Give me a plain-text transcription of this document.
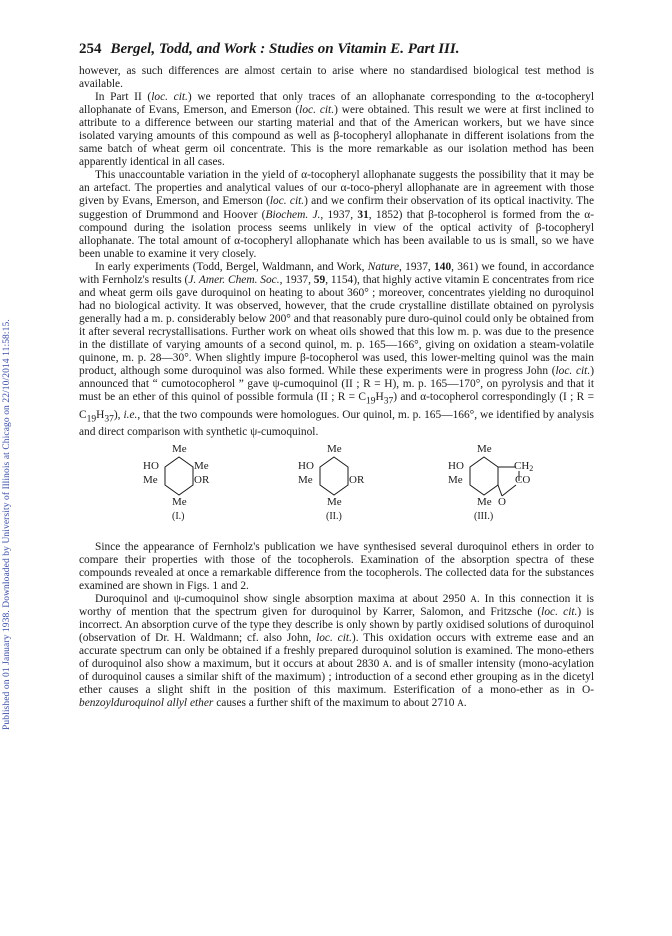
Published on 01 January 1938. Downloaded by University of Illinois at Chicago on 22/10/2014 11:58:15.
254 Bergel, Todd, and Work : Studies on Vitamin E. Part III.

however, as such differences are almost certain to arise where no standardised biological test method is available.

In Part II (loc. cit.) we reported that only traces of an allophanate corresponding to the α-tocopheryl allophanate of Evans, Emerson, and Emerson (loc. cit.) were obtained. This result we were at first inclined to attribute to a difference between our starting material and that of the American workers, but we have since isolated varying amounts of this compound as well as β-tocopheryl allophanate in different isolations from the same batch of wheat germ oil concentrate. This is the more remarkable as our isolation method has been apparently identical in all cases.

This unaccountable variation in the yield of α-tocopheryl allophanate suggests the possibility that it may be an artefact. The properties and analytical values of our α-toco-pheryl allophanate are in agreement with those given by Evans, Emerson, and Emerson (loc. cit.) and we confirm their observation of its optical inactivity. The suggestion of Drummond and Hoover (Biochem. J., 1937, 31, 1852) that β-tocopherol is formed from the α-compound during the isolation process seems unlikely in view of the optical activity of β-tocopheryl allophanate. The total amount of α-tocopheryl allophanate which has been available to us is small, so we have been unable to examine it very closely.

In early experiments (Todd, Bergel, Waldmann, and Work, Nature, 1937, 140, 361) we found, in accordance with Fernholz's results (J. Amer. Chem. Soc., 1937, 59, 1154), that highly active vitamin E concentrates from rice and wheat germ oils gave duroquinol on heating to about 360° ; moreover, concentrates yielding no duroquinol had no biological activity. It was observed, however, that the crude crystalline distillate obtained on pyrolysis generally had a m. p. considerably below 200° and that reasonably pure duro-quinol could only be obtained from it after several recrystallisations. Further work on wheat oils showed that this low m. p. was due to the presence in the distillate of varying amounts of a second quinol, m. p. 165—166°, giving on oxidation a steam-volatile quinone, m. p. 28—30°. When slightly impure β-tocopherol was used, this lower-melting quinol was the main product, although some duroquinol was also formed. While these experiments were in progress John (loc. cit.) announced that “ cumotocopherol ” gave ψ-cumoquinol (II ; R = H), m. p. 165—170°, on pyrolysis and that it must be an ether of this quinol of possible formula (II ; $R = C_{19}H_{37}$) and α-tocopherol correspondingly (I ; $R = C_{19}H_{37}$), i.e., that the two compounds were homologues. Our quinol, m. p. 165—166°, we identified by analysis and direct comparison with synthetic ψ-cumoquinol.

Me
HO
Me
Me
OR
Me
(I.)
Me
HO
Me	OR
Me
(II.)
Me
HO
Me
$CH_2$
CO
Me O
(III.)

Since the appearance of Fernholz's publication we have synthesised several duroquinol ethers in order to compare their properties with those of the tocopherols. Examination of the absorption spectra of these compounds revealed at once a remarkable difference from the tocopherols. The collected data for the substances examined are shown in Figs. 1 and 2.

Duroquinol and ψ-cumoquinol show single absorption maxima at about 2950 A. In this connection it is worthy of mention that the spectrum given for duroquinol by Karrer, Salomon, and Fritzsche (loc. cit.) is incorrect. An absorption curve of the type they describe is only shown by partly oxidised solutions of duroquinol (observation of Dr. H. Waldmann; cf. also John, loc. cit.). This oxidation occurs with extreme ease and an accurate spectrum can only be obtained if a freshly prepared duroquinol solution is examined. The mono-ethers of duroquinol also show a maximum, but it occurs at about 2830 A. and is of smaller intensity (mono-acylation of duroquinol causes a similar shift of the maximum) ; introduction of a second ether grouping as in the dicetyl ether causes a slight shift in the position of this maximum. Esterification of a mono-ether as in O-benzoylduroquinol allyl ether causes a further shift of the maximum to about 2710 A.
